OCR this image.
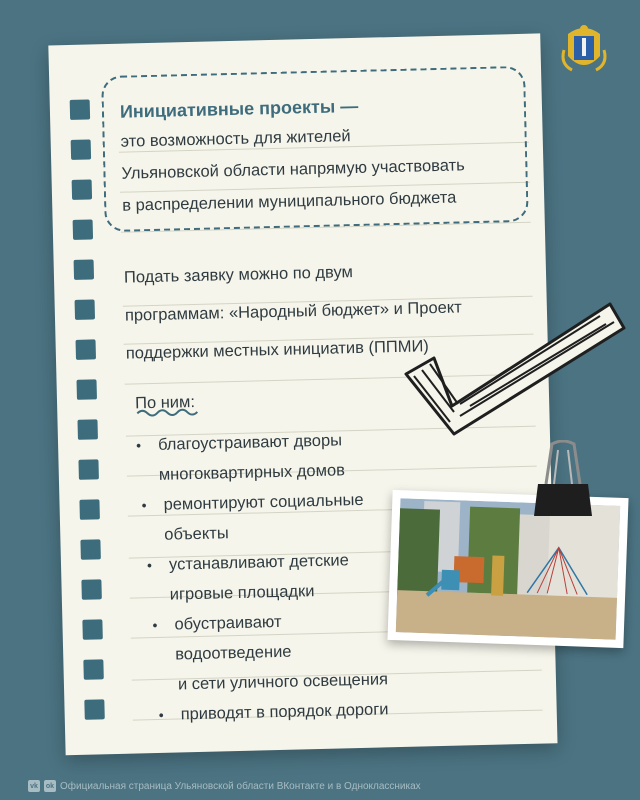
Инициативные проекты —
это возможность для жителей
Ульяновской области напрямую участвовать
в распределении муниципального бюджета
Подать заявку можно по двум
программам: «Народный бюджет» и Проект
поддержки местных инициатив (ППМИ)
По ним:
• благоустраивают дворы
многоквартирных домов
• ремонтируют социальные
объекты
• устанавливают детские
игровые площадки
• обустраивают
водоотведение
и сети уличного освещения
• приводят в порядок дороги
vk	ok Официальная страница Ульяновской области ВКонтакте и в Одноклассниках
